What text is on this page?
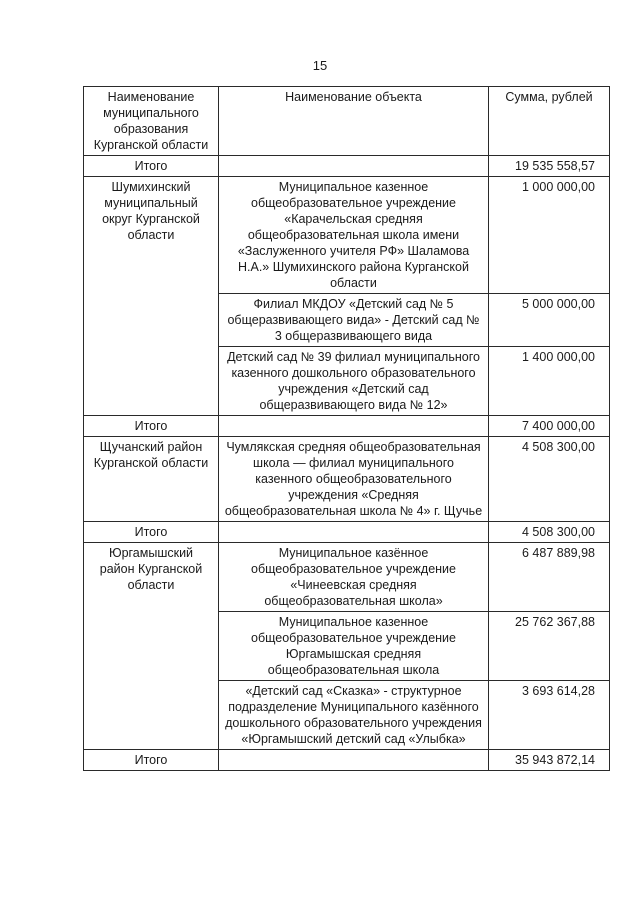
15
Наименование муниципального образования Курганской области	Наименование объекта	Сумма, рублей
Итого		19 535 558,57
Шумихинский муниципальный округ Курганской области	Муниципальное казенное общеобразовательное учреждение «Карачельская средняя общеобразовательная школа имени «Заслуженного учителя РФ» Шаламова Н.А.» Шумихинского района Курганской области	1 000 000,00
	Филиал МКДОУ «Детский сад № 5 общеразвивающего вида» - Детский сад № 3 общеразвивающего вида	5 000 000,00
	Детский сад № 39 филиал муниципального казенного дошкольного образовательного учреждения «Детский сад общеразвивающего вида № 12»	1 400 000,00
Итого		7 400 000,00
Щучанский район Курганской области	Чумлякская средняя общеобразовательная школа — филиал муниципального казенного общеобразовательного учреждения «Средняя общеобразовательная школа № 4» г. Щучье	4 508 300,00
Итого		4 508 300,00
Юргамышский район Курганской области	Муниципальное казённое общеобразовательное учреждение «Чинеевская средняя общеобразовательная школа»	6 487 889,98
	Муниципальное казенное общеобразовательное учреждение Юргамышская средняя общеобразовательная школа	25 762 367,88
	«Детский сад «Сказка» - структурное подразделение Муниципального казённого дошкольного образовательного учреждения «Юргамышский детский сад «Улыбка»	3 693 614,28
Итого		35 943 872,14
